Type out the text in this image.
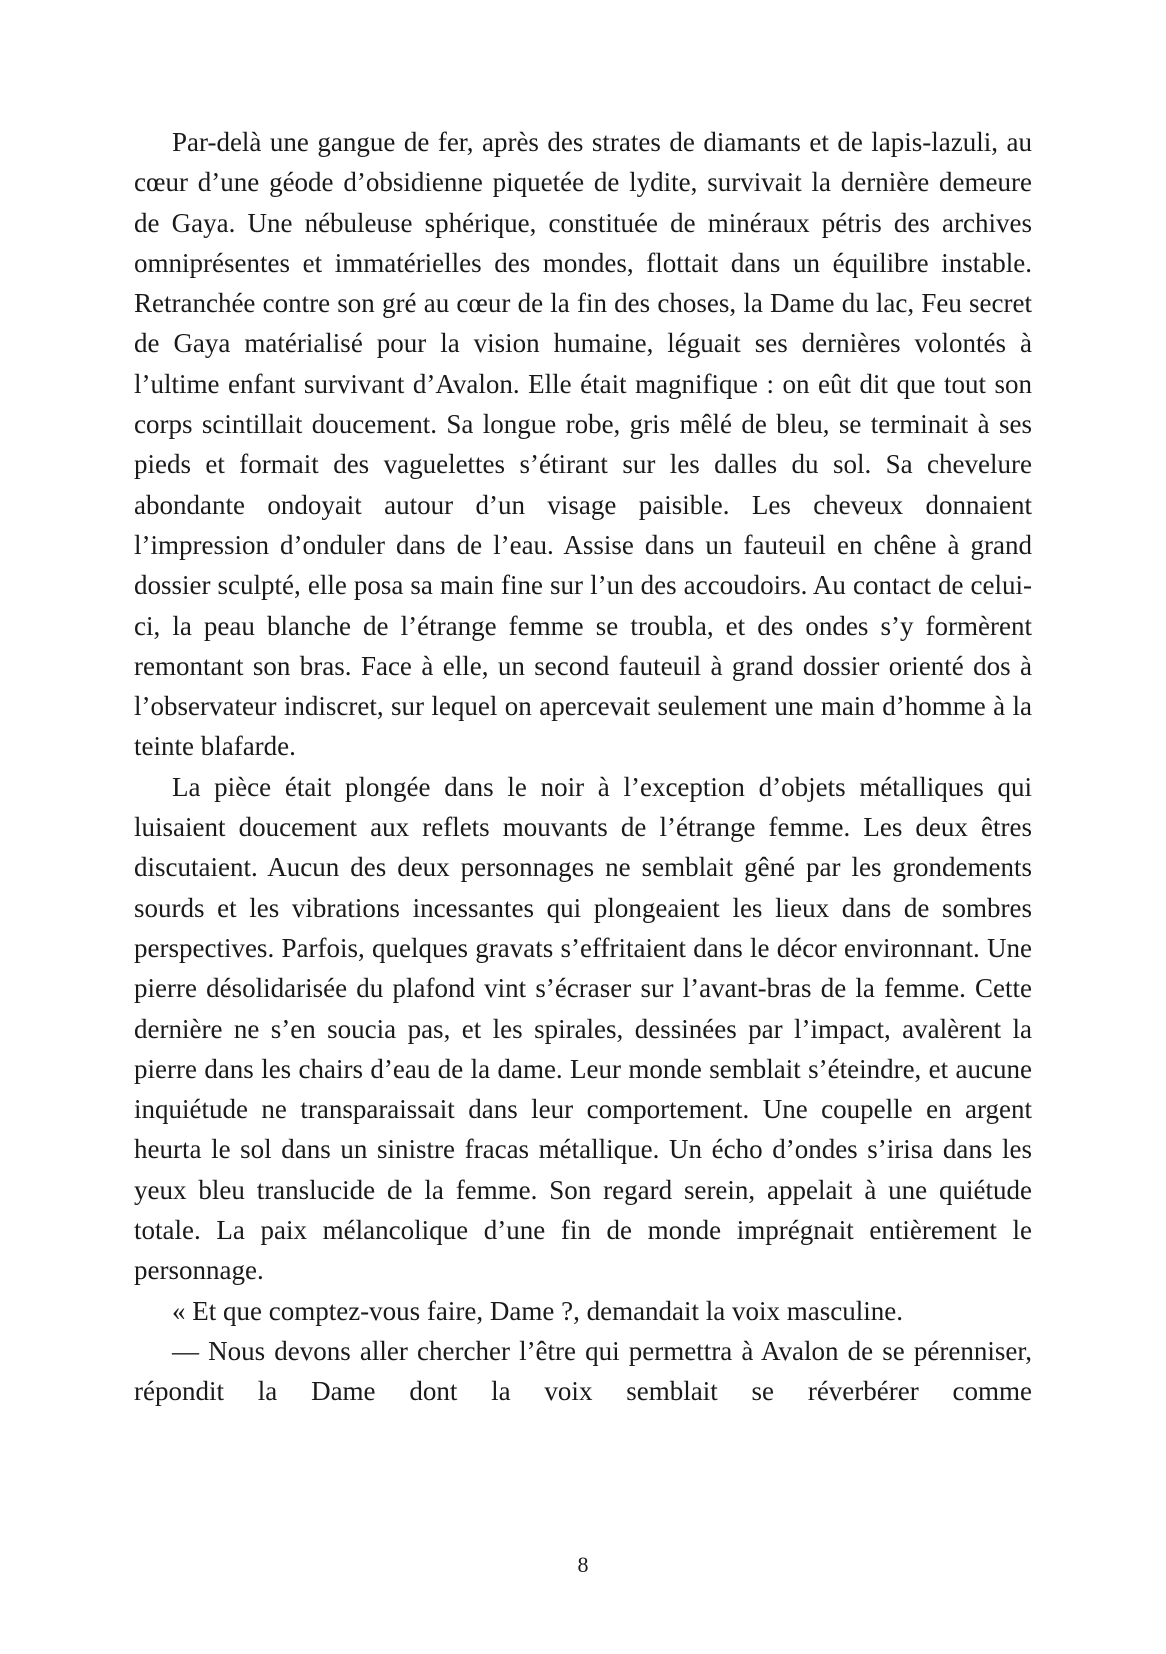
Par-delà une gangue de fer, après des strates de diamants et de lapis-lazuli, au cœur d’une géode d’obsidienne piquetée de lydite, survivait la dernière demeure de Gaya. Une nébuleuse sphérique, constituée de minéraux pétris des archives omniprésentes et immatérielles des mondes, flottait dans un équilibre instable. Retranchée contre son gré au cœur de la fin des choses, la Dame du lac, Feu secret de Gaya matérialisé pour la vision humaine, léguait ses dernières volontés à l’ultime enfant survivant d’Avalon. Elle était magnifique : on eût dit que tout son corps scintillait doucement. Sa longue robe, gris mêlé de bleu, se terminait à ses pieds et formait des vaguelettes s’étirant sur les dalles du sol. Sa chevelure abondante ondoyait autour d’un visage paisible. Les cheveux donnaient l’impression d’onduler dans de l’eau. Assise dans un fauteuil en chêne à grand dossier sculpté, elle posa sa main fine sur l’un des accoudoirs. Au contact de celui-ci, la peau blanche de l’étrange femme se troubla, et des ondes s’y formèrent remontant son bras. Face à elle, un second fauteuil à grand dossier orienté dos à l’observateur indiscret, sur lequel on apercevait seulement une main d’homme à la teinte blafarde.

La pièce était plongée dans le noir à l’exception d’objets métalliques qui luisaient doucement aux reflets mouvants de l’étrange femme. Les deux êtres discutaient. Aucun des deux personnages ne semblait gêné par les grondements sourds et les vibrations incessantes qui plongeaient les lieux dans de sombres perspectives. Parfois, quelques gravats s’effritaient dans le décor environnant. Une pierre désolidarisée du plafond vint s’écraser sur l’avant-bras de la femme. Cette dernière ne s’en soucia pas, et les spirales, dessinées par l’impact, avalèrent la pierre dans les chairs d’eau de la dame. Leur monde semblait s’éteindre, et aucune inquiétude ne transparaissait dans leur comportement. Une coupelle en argent heurta le sol dans un sinistre fracas métallique. Un écho d’ondes s’irisa dans les yeux bleu translucide de la femme. Son regard serein, appelait à une quiétude totale. La paix mélancolique d’une fin de monde imprégnait entièrement le personnage.

« Et que comptez-vous faire, Dame ?, demandait la voix masculine.

— Nous devons aller chercher l’être qui permettra à Avalon de se pérenniser, répondit la Dame dont la voix semblait se réverbérer comme

8
